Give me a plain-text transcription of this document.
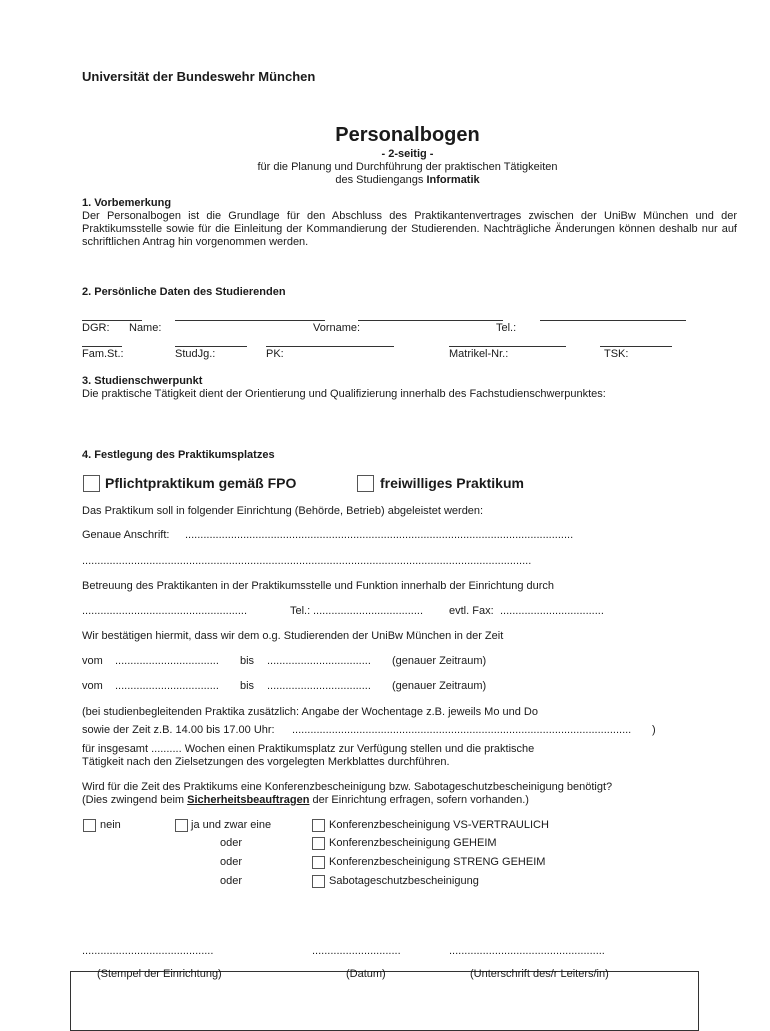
Universität der Bundeswehr München
Personalbogen
- 2-seitig -
für die Planung und Durchführung der praktischen Tätigkeiten
des Studiengangs Informatik
1. Vorbemerkung
Der Personalbogen ist die Grundlage für den Abschluss des Praktikantenvertrages zwischen der UniBw München und der Praktikumsstelle sowie für die Einleitung der Kommandierung der Studierenden. Nachträgliche Änderungen können deshalb nur auf schriftlichen Antrag hin vorgenommen werden.
2. Persönliche Daten des Studierenden
DGR: Name:	Vorname:	Tel.:
Fam.St.:	StudJg.:	PK:	Matrikel-Nr.:	TSK:
3. Studienschwerpunkt
Die praktische Tätigkeit dient der Orientierung und Qualifizierung innerhalb des Fachstudienschwerpunktes:
4. Festlegung des Praktikumsplatzes
Pflichtpraktikum gemäß FPO	freiwilliges Praktikum
Das Praktikum soll in folgender Einrichtung (Behörde, Betrieb) abgeleistet werden:
Genaue Anschrift: ...............................................................................................................................
...................................................................................................................................................
Betreuung des Praktikanten in der Praktikumsstelle und Funktion innerhalb der Einrichtung durch
......................................................	Tel.: .................................... evtl. Fax: ..................................
Wir bestätigen hiermit, dass wir dem o.g. Studierenden der UniBw München in der Zeit
vom .................................. bis .................................. (genauer Zeitraum)
vom .................................. bis .................................. (genauer Zeitraum)
(bei studienbegleitenden Praktika zusätzlich: Angabe der Wochentage z.B. jeweils Mo und Do
sowie der Zeit z.B. 14.00 bis 17.00 Uhr: ............................................................................................................... )
für insgesamt .......... Wochen einen Praktikumsplatz zur Verfügung stellen und die praktische
Tätigkeit nach den Zielsetzungen des vorgelegten Merkblattes durchführen.
Wird für die Zeit des Praktikums eine Konferenzbescheinigung bzw. Sabotageschutzbescheinigung benötigt?
(Dies zwingend beim Sicherheitsbeauftragen der Einrichtung erfragen, sofern vorhanden.)
nein	ja und zwar eine	Konferenzbescheinigung VS-VERTRAULICH
oder	Konferenzbescheinigung GEHEIM
oder	Konferenzbescheinigung STRENG GEHEIM
oder	Sabotageschutzbescheinigung
...........................................	.............................	...................................................
(Stempel der Einrichtung)	(Datum)	(Unterschrift des/r Leiters/in)
